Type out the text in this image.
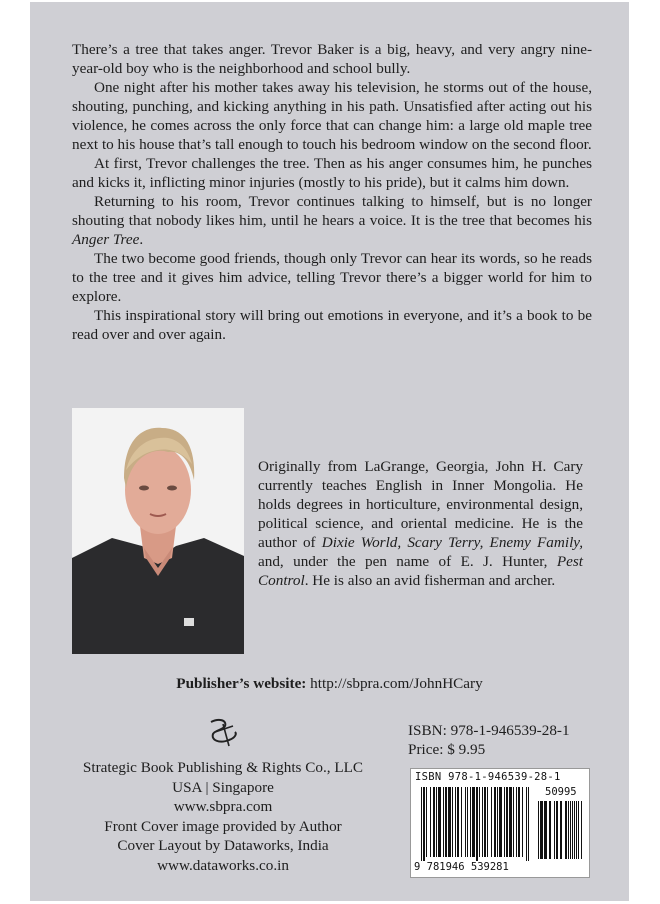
There’s a tree that takes anger. Trevor Baker is a big, heavy, and very angry nine-year-old boy who is the neighborhood and school bully.

One night after his mother takes away his television, he storms out of the house, shouting, punching, and kicking anything in his path. Unsatisfied after acting out his violence, he comes across the only force that can change him: a large old maple tree next to his house that’s tall enough to touch his bedroom window on the second floor.

At first, Trevor challenges the tree. Then as his anger consumes him, he punches and kicks it, inflicting minor injuries (mostly to his pride), but it calms him down.

Returning to his room, Trevor continues talking to himself, but is no longer shouting that nobody likes him, until he hears a voice. It is the tree that becomes his Anger Tree.

The two become good friends, though only Trevor can hear its words, so he reads to the tree and it gives him advice, telling Trevor there’s a bigger world for him to explore.

This inspirational story will bring out emotions in everyone, and it’s a book to be read over and over again.

Originally from LaGrange, Georgia, John H. Cary currently teaches English in Inner Mongolia. He holds degrees in horticulture, environmental design, political science, and oriental medicine. He is the author of Dixie World, Scary Terry, Enemy Family, and, under the pen name of E. J. Hunter, Pest Control. He is also an avid fisherman and archer.
Publisher’s website: http://sbpra.com/JohnHCary
Strategic Book Publishing & Rights Co., LLC
USA | Singapore
www.sbpra.com
Front Cover image provided by Author
Cover Layout by Dataworks, India
www.dataworks.co.in
ISBN: 978-1-946539-28-1
Price: $ 9.95
ISBN 978-1-946539-28-1
50995
9 781946 539281
